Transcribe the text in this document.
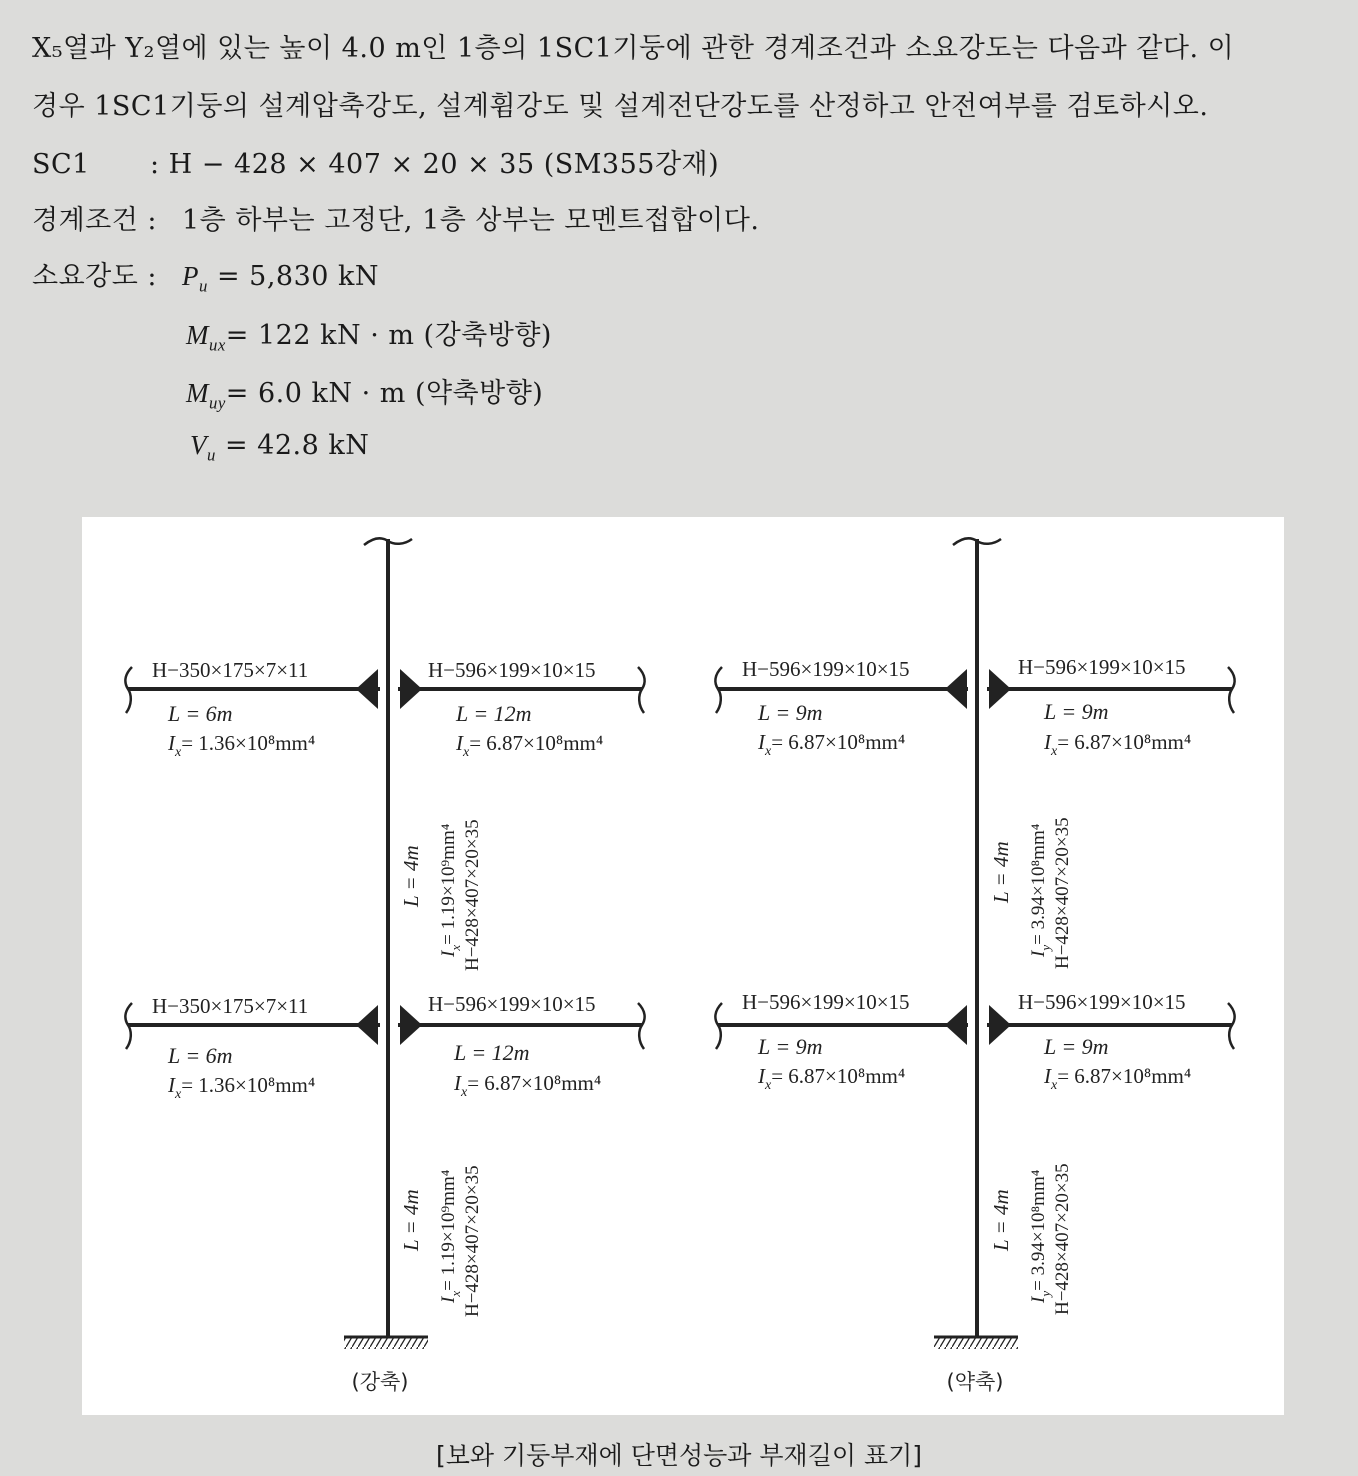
X₅열과 Y₂열에 있는 높이 4.0 m인 1층의 1SC1기둥에 관한 경계조건과 소요강도는 다음과 같다. 이
경우 1SC1기둥의 설계압축강도, 설계휨강도 및 설계전단강도를 산정하고 안전여부를 검토하시오.
SC1 : H − 428 × 407 × 20 × 35 (SM355강재)
경계조건 : 1층 하부는 고정단, 1층 상부는 모멘트접합이다.
소요강도 : $P_u = 5,830$ kN
$M_{ux}= 122$ kN · m (강축방향)
$M_{uy}= 6.0$ kN · m (약축방향)
$V_u = 42.8$ kN
H−350×175×7×11
L = 6m
$I_x= 1.36\times 10^8mm^4$
H−596×199×10×15
L = 12m
$I_x= 6.87\times 10^8mm^4$
H−350×175×7×11
L = 6m
$I_x= 1.36\times 10^8mm^4$
H−596×199×10×15
L = 12m
$I_x= 6.87\times 10^8mm^4$
L = 4m
$I_x= 1.19\times 10^9mm^4$ H−428×407×20×35
L = 4m
$I_x= 1.19\times 10^9mm^4$ H−428×407×20×35
(강축)
H−596×199×10×15
L = 9m
$I_x= 6.87\times 10^8mm^4$
H−596×199×10×15
L = 9m
$I_x= 6.87\times 10^8mm^4$
H−596×199×10×15
L = 9m
$I_x= 6.87\times 10^8mm^4$
H−596×199×10×15
L = 9m
$I_x= 6.87\times 10^8mm^4$
L = 4m
$I_y= 3.94\times 10^8mm^4$ H−428×407×20×35
L = 4m
$I_y= 3.94\times 10^8mm^4$ H−428×407×20×35
(약축)
[보와 기둥부재에 단면성능과 부재길이 표기]
